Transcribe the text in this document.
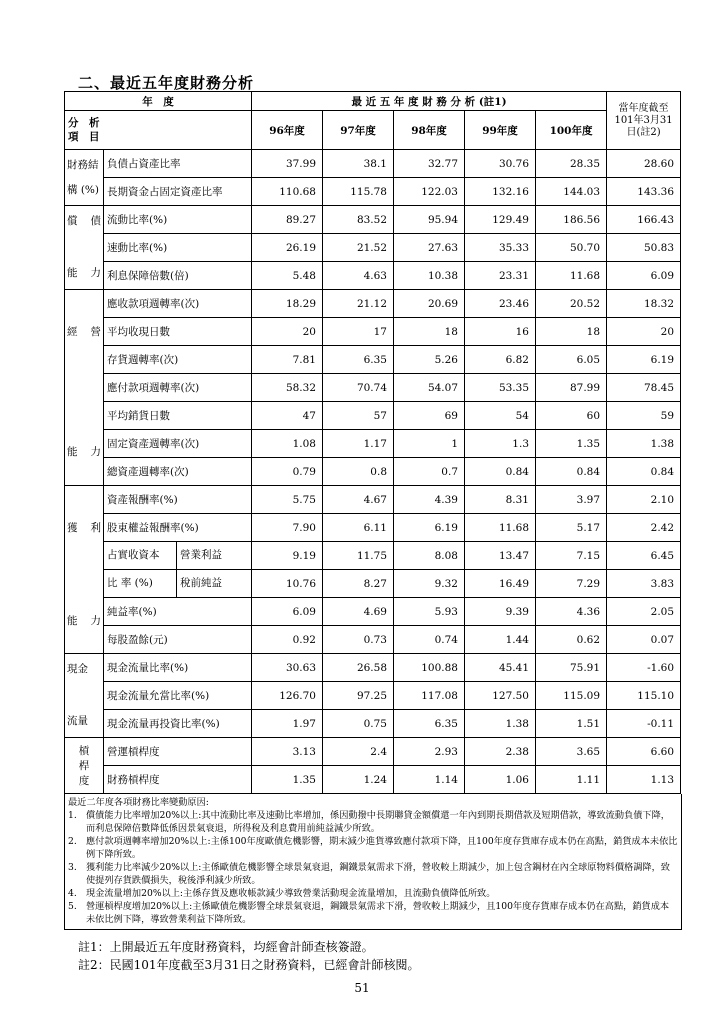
二、最近五年度財務分析
年　度		最 近 五 年 度 財 務 分 析 (註1)					當年度截至101年3月31日(註2)

分　析
項　目		96年度	97年度	98年度	99年度	100年度	

財務結
構 (%)	負債占資產比率	37.99	38.1	32.77	30.76	28.35	28.60
	長期資金占固定資產比率	110.68	115.78	122.03	132.16	144.03	143.36

償 債
能 力	流動比率(%)	89.27	83.52	95.94	129.49	186.56	166.43
	速動比率(%)	26.19	21.52	27.63	35.33	50.70	50.83
	利息保障倍數(倍)	5.48	4.63	10.38	23.31	11.68	6.09

經 營
能 力	應收款項週轉率(次)	18.29	21.12	20.69	23.46	20.52	18.32
	平均收現日數	20	17	18	16	18	20
	存貨週轉率(次)	7.81	6.35	5.26	6.82	6.05	6.19
	應付款項週轉率(次)	58.32	70.74	54.07	53.35	87.99	78.45
	平均銷貨日數	47	57	69	54	60	59
	固定資產週轉率(次)	1.08	1.17	1	1.3	1.35	1.38
	總資產週轉率(次)	0.79	0.8	0.7	0.84	0.84	0.84

獲 利
能 力	資產報酬率(%)	5.75	4.67	4.39	8.31	3.97	2.10
	股東權益報酬率(%)	7.90	6.11	6.19	11.68	5.17	2.42

	占實收資本 營業利益	9.19	11.75	8.08	13.47	7.15	6.45

	比 率 (%) 稅前純益	10.76	8.27	9.32	16.49	7.29	3.83
	純益率(%)	6.09	4.69	5.93	9.39	4.36	2.05
	每股盈餘(元)	0.92	0.73	0.74	1.44	0.62	0.07

現金
流量	現金流量比率(%)	30.63	26.58	100.88	45.41	75.91	-1.60
	現金流量允當比率(%)	126.70	97.25	117.08	127.50	115.09	115.10
	現金流量再投資比率(%)	1.97	0.75	6.35	1.38	1.51	-0.11

槓
桿
度	營運槓桿度	3.13	2.4	2.93	2.38	3.65	6.60
	財務槓桿度	1.35	1.24	1.14	1.06	1.11	1.13
最近二年度各項財務比率變動原因:
1.	償債能力比率增加20%以上:其中流動比率及速動比率增加，係因動撥中長期聯貸金額償還一年內到期長期借款及短期借款，導致流動負債下降，而利息保障倍數降低係因景氣衰退，所得稅及利息費用前純益減少所致。
2.	應付款項週轉率增加20%以上:主係100年度歐債危機影響，期末減少進貨導致應付款項下降，且100年度存貨庫存成本仍在高點，銷貨成本未依比例下降所致。
3.	獲利能力比率減少20%以上:主係歐債危機影響全球景氣衰退，鋼鐵景氣需求下滑，營收較上期減少，加上包含鋼材在內全球原物料價格調降，致使提列存貨跌價損失，稅後淨利減少所致。
4.	現金流量增加20%以上:主係存貨及應收帳款減少導致營業活動現金流量增加，且流動負債降低所致。
5.	營運槓桿度增加20%以上:主係歐債危機影響全球景氣衰退，鋼鐵景氣需求下滑，營收較上期減少，且100年度存貨庫存成本仍在高點，銷貨成本未依比例下降，導致營業利益下降所致。
註1：上開最近五年度財務資料，均經會計師查核簽證。
註2：民國101年度截至3月31日之財務資料，已經會計師核閱。
51
